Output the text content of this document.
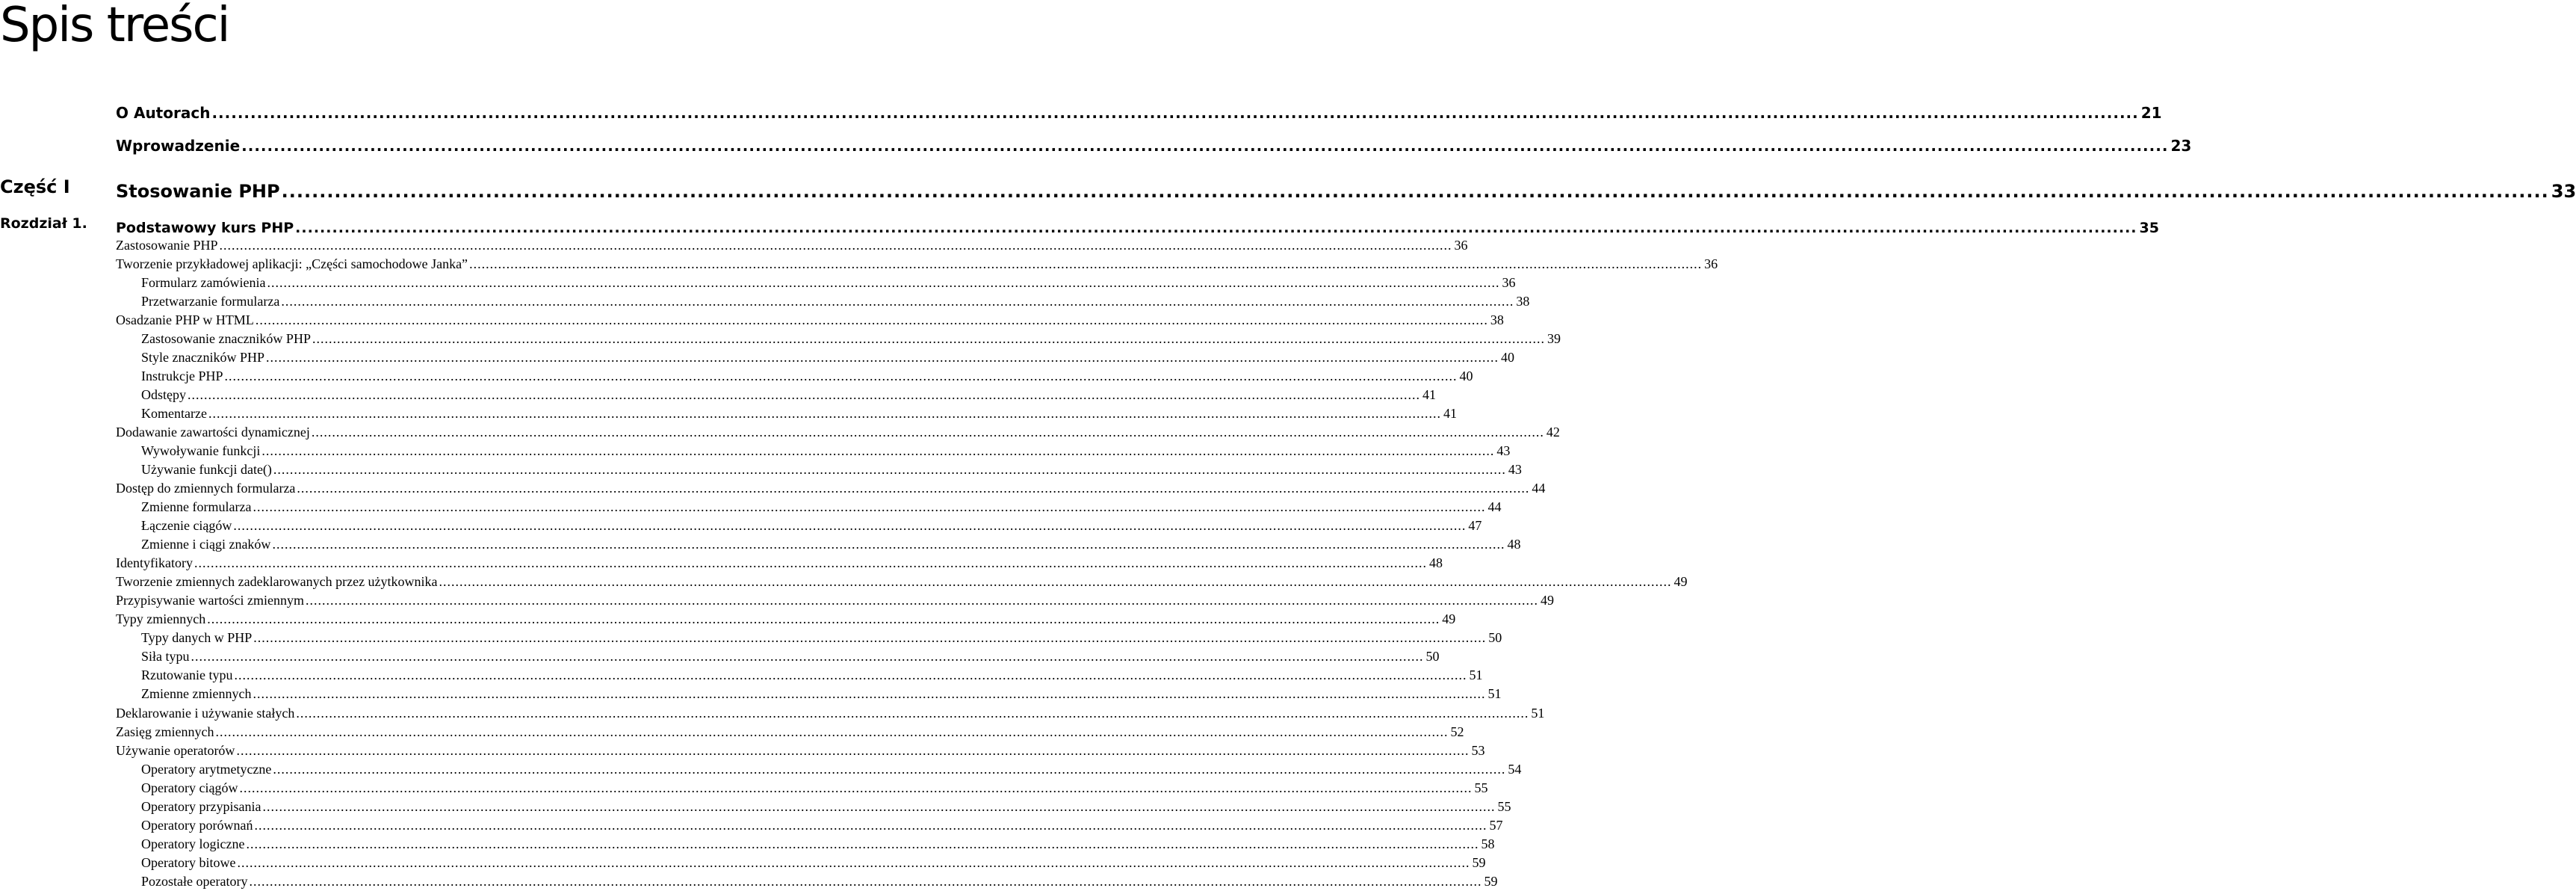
Spis treści
O Autorach ............................................................................................................................................................................................................................................................................................................ 21
Wprowadzenie ............................................................................................................................................................................................................................................................................................................ 23
Część I	Stosowanie PHP ............................................................................................................................................................................................................................................................................................................ 33
Rozdział 1. Podstawowy kurs PHP ............................................................................................................................................................................................................................................................................................................ 35
Zastosowanie PHP ............................................................................................................................................................................................................................................................................................................ 36
Tworzenie przykładowej aplikacji: „Części samochodowe Janka” ............................................................................................................................................................................................................................................................................................................ 36
Formularz zamówienia ............................................................................................................................................................................................................................................................................................................ 36
Przetwarzanie formularza ............................................................................................................................................................................................................................................................................................................ 38
Osadzanie PHP w HTML ............................................................................................................................................................................................................................................................................................................ 38
Zastosowanie znaczników PHP ............................................................................................................................................................................................................................................................................................................ 39
Style znaczników PHP ............................................................................................................................................................................................................................................................................................................ 40
Instrukcje PHP ............................................................................................................................................................................................................................................................................................................ 40
Odstępy ............................................................................................................................................................................................................................................................................................................ 41
Komentarze ............................................................................................................................................................................................................................................................................................................ 41
Dodawanie zawartości dynamicznej ............................................................................................................................................................................................................................................................................................................ 42
Wywoływanie funkcji ............................................................................................................................................................................................................................................................................................................ 43
Używanie funkcji date() ............................................................................................................................................................................................................................................................................................................ 43
Dostęp do zmiennych formularza ............................................................................................................................................................................................................................................................................................................ 44
Zmienne formularza ............................................................................................................................................................................................................................................................................................................ 44
Łączenie ciągów ............................................................................................................................................................................................................................................................................................................ 47
Zmienne i ciągi znaków ............................................................................................................................................................................................................................................................................................................ 48
Identyfikatory ............................................................................................................................................................................................................................................................................................................ 48
Tworzenie zmiennych zadeklarowanych przez użytkownika ............................................................................................................................................................................................................................................................................................................ 49
Przypisywanie wartości zmiennym ............................................................................................................................................................................................................................................................................................................ 49
Typy zmiennych ............................................................................................................................................................................................................................................................................................................ 49
Typy danych w PHP ............................................................................................................................................................................................................................................................................................................ 50
Siła typu ............................................................................................................................................................................................................................................................................................................ 50
Rzutowanie typu ............................................................................................................................................................................................................................................................................................................ 51
Zmienne zmiennych ............................................................................................................................................................................................................................................................................................................ 51
Deklarowanie i używanie stałych ............................................................................................................................................................................................................................................................................................................ 51
Zasięg zmiennych ............................................................................................................................................................................................................................................................................................................ 52
Używanie operatorów ............................................................................................................................................................................................................................................................................................................ 53
Operatory arytmetyczne ............................................................................................................................................................................................................................................................................................................ 54
Operatory ciągów ............................................................................................................................................................................................................................................................................................................ 55
Operatory przypisania ............................................................................................................................................................................................................................................................................................................ 55
Operatory porównań ............................................................................................................................................................................................................................................................................................................ 57
Operatory logiczne ............................................................................................................................................................................................................................................................................................................ 58
Operatory bitowe ............................................................................................................................................................................................................................................................................................................ 59
Pozostałe operatory ............................................................................................................................................................................................................................................................................................................ 59
